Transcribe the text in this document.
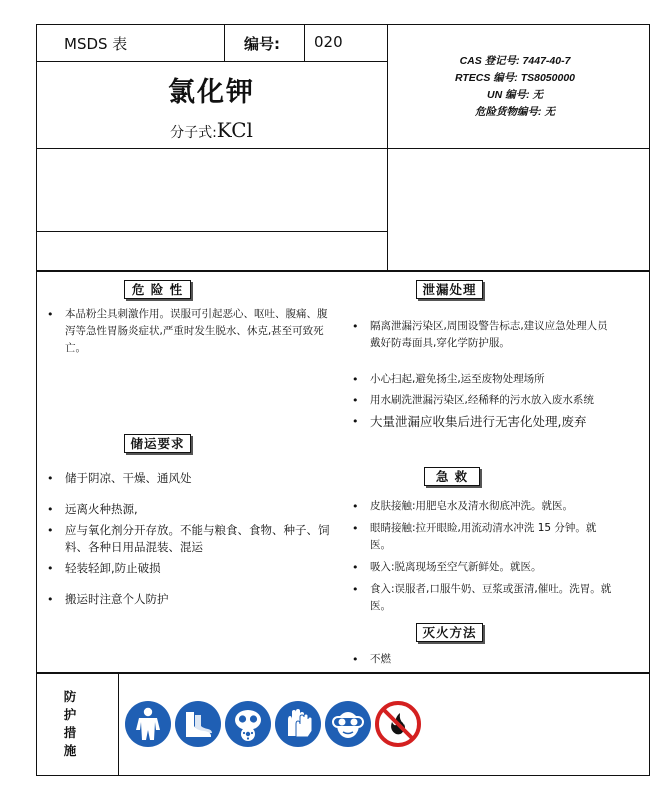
MSDS 表	编号:	020
氯化钾
分子式:KCl
CAS 登记号: 7447-40-7
RTECS 编号: TS8050000
UN 编号: 无
危险货物编号: 无
危 险 性
• 本品粉尘具刺激作用。误服可引起恶心、呕吐、腹痛、腹泻等急性胃肠炎症状,严重时发生脱水、休克,甚至可致死亡。
储运要求
• 储于阴凉、干燥、通风处
• 远离火种热源,
• 应与氧化剂分开存放。不能与粮食、食物、种子、饲料、各种日用品混装、混运
• 轻装轻卸,防止破损
• 搬运时注意个人防护
泄漏处理
• 隔离泄漏污染区,周围设警告标志,建议应急处理人员戴好防毒面具,穿化学防护服。
• 小心扫起,避免扬尘,运至废物处理场所
• 用水刷洗泄漏污染区,经稀释的污水放入废水系统
• 大量泄漏应收集后进行无害化处理,废弃
急 救
• 皮肤接触:用肥皂水及清水彻底冲洗。就医。
• 眼睛接触:拉开眼睑,用流动清水冲洗 15 分钟。就医。
• 吸入:脱离现场至空气新鲜处。就医。
• 食入:误服者,口服牛奶、豆浆或蛋清,催吐。洗胃。就医。
灭火方法
• 不燃
防
护
措
施
